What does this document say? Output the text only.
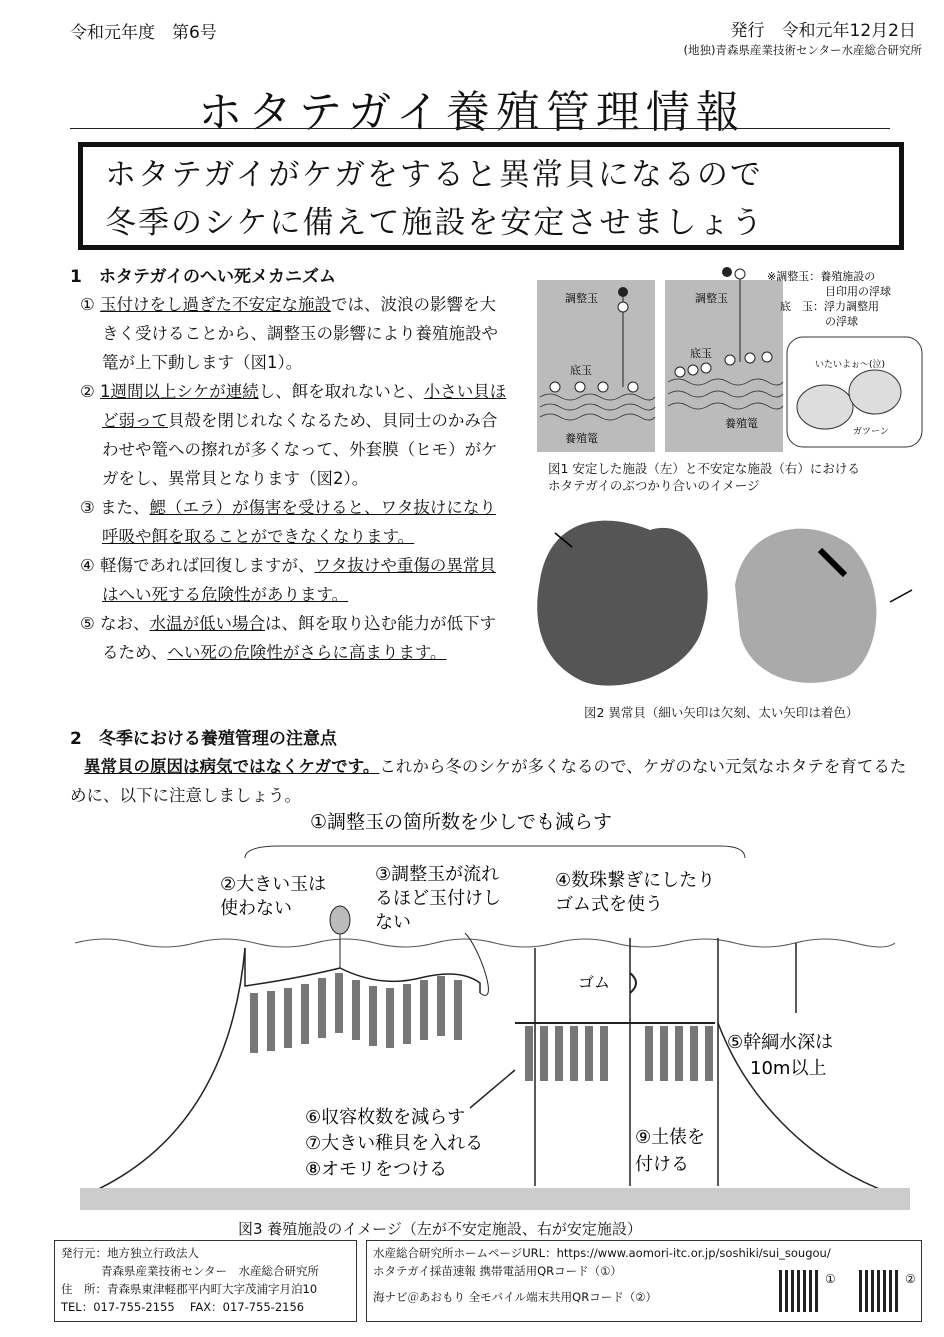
令和元年度　第6号	発行　令和元年12月2日
(地独)青森県産業技術センター水産総合研究所
ホタテガイ養殖管理情報
ホタテガイがケガをすると異常貝になるので
冬季のシケに備えて施設を安定させましょう
1　ホタテガイのへい死メカニズム
① 玉付けをし過ぎた不安定な施設では、波浪の影響を大きく受けることから、調整玉の影響により養殖施設や篭が上下動します（図1）。
② 1週間以上シケが連続し、餌を取れないと、小さい貝ほど弱って貝殻を閉じれなくなるため、貝同士のかみ合わせや篭への擦れが多くなって、外套膜（ヒモ）がケガをし、異常貝となります（図2）。
③ また、鰓（エラ）が傷害を受けると、ワタ抜けになり呼吸や餌を取ることができなくなります。
④ 軽傷であれば回復しますが、ワタ抜けや重傷の異常貝はへい死する危険性があります。
⑤ なお、水温が低い場合は、餌を取り込む能力が低下するため、へい死の危険性がさらに高まります。
調整玉	調整玉
底玉
底玉
養殖篭
養殖篭
※調整玉：養殖施設の
目印用の浮球
底　玉：浮力調整用
の浮球
いたいよぉ～(泣)
ガツーン
図1 安定した施設（左）と不安定な施設（右）における
ホタテガイのぶつかり合いのイメージ
図2 異常貝（細い矢印は欠刻、太い矢印は着色）
2　冬季における養殖管理の注意点
異常貝の原因は病気ではなくケガです。これから冬のシケが多くなるので、ケガのない元気なホタテを育てるために、以下に注意しましょう。
①調整玉の箇所数を少しでも減らす
②大きい玉は
使わない
③調整玉が流れ
るほど玉付けし
ない
④数珠繋ぎにしたり
ゴム式を使う
ゴム
⑤幹綱水深は
10m以上
⑥収容枚数を減らす
⑦大きい稚貝を入れる
⑧オモリをつける
⑨土俵を
付ける
図3 養殖施設のイメージ（左が不安定施設、右が安定施設）
発行元：地方独立行政法人
青森県産業技術センター　水産総合研究所
住　所：青森県東津軽郡平内町大字茂浦字月泊10
TEL：017-755-2155　 FAX：017-755-2156
水産総合研究所ホームページURL：https://www.aomori-itc.or.jp/soshiki/sui_sougou/
ホタテガイ採苗速報 携帯電話用QRコード（①）
海ナビ＠あおもり 全モバイル端末共用QRコード（②）
①	②
